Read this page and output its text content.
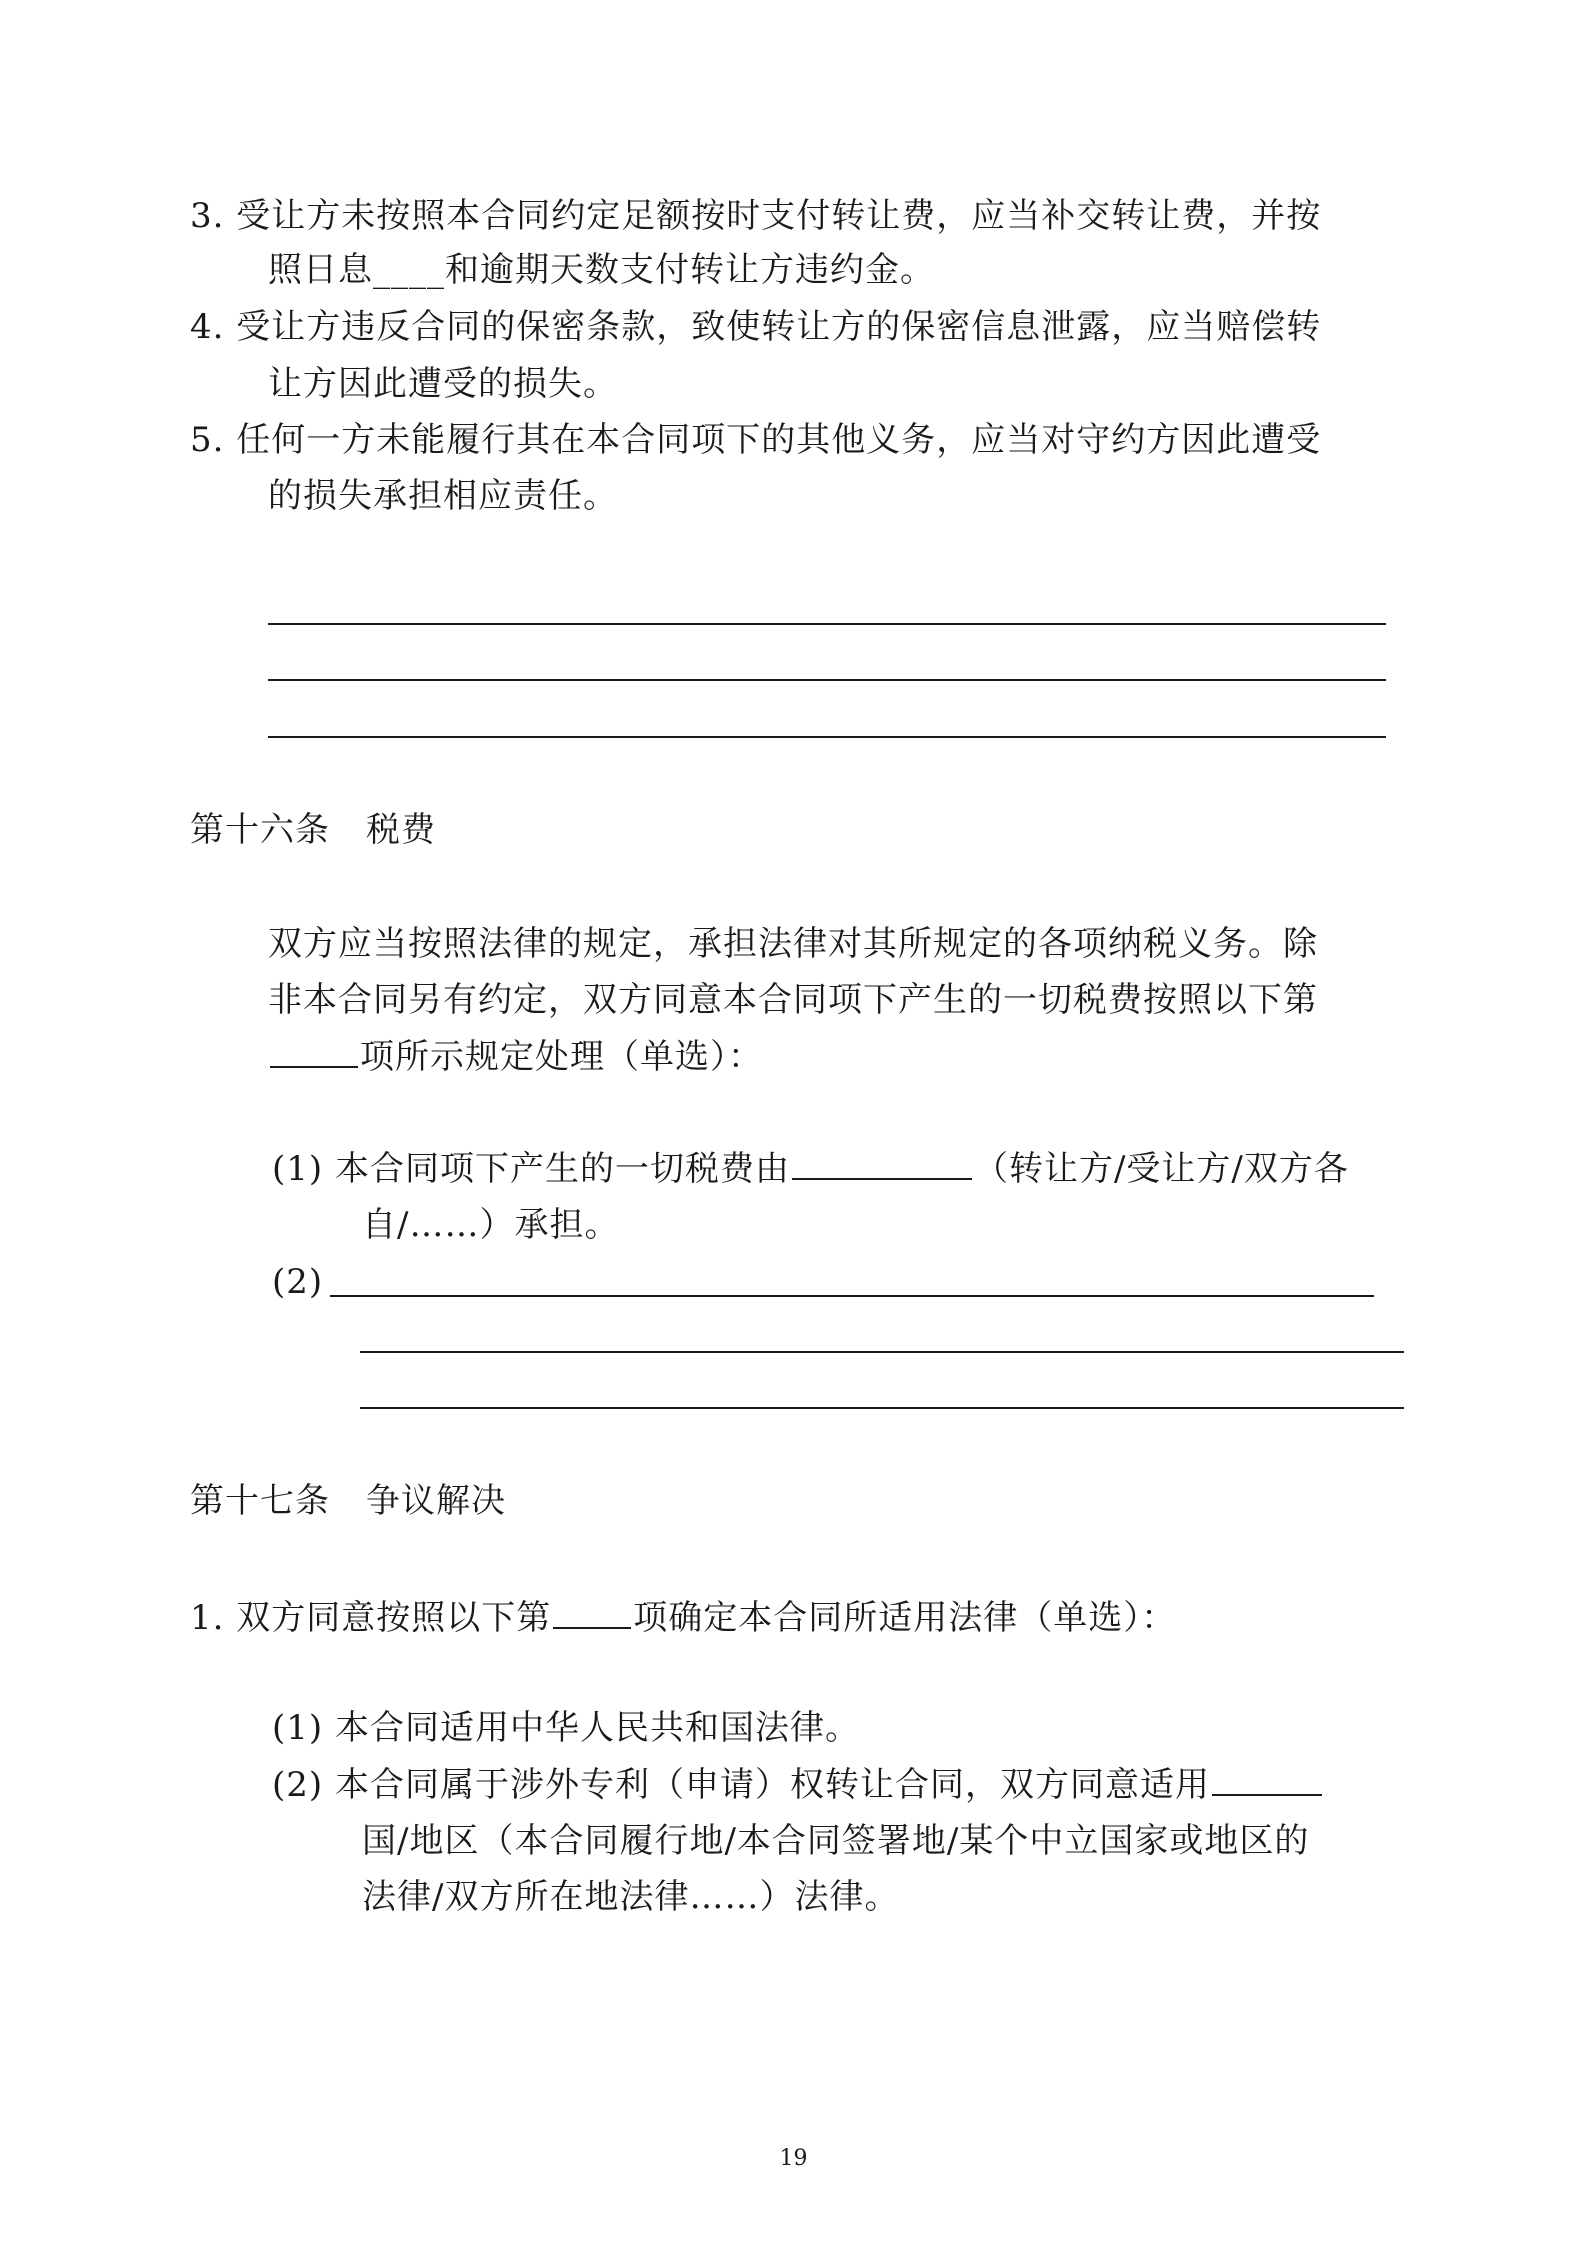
3. 受让方未按照本合同约定足额按时支付转让费，应当补交转让费，并按
照日息____和逾期天数支付转让方违约金。
4. 受让方违反合同的保密条款，致使转让方的保密信息泄露，应当赔偿转
让方因此遭受的损失。
5. 任何一方未能履行其在本合同项下的其他义务，应当对守约方因此遭受
的损失承担相应责任。
第十六条 税费
双方应当按照法律的规定，承担法律对其所规定的各项纳税义务。除
非本合同另有约定，双方同意本合同项下产生的一切税费按照以下第
项所示规定处理（单选）：
(1) 本合同项下产生的一切税费由	（转让方/受让方/双方各
自/……）承担。
(2)
第十七条 争议解决
1. 双方同意按照以下第 项确定本合同所适用法律（单选）：
(1) 本合同适用中华人民共和国法律。
(2) 本合同属于涉外专利（申请）权转让合同，双方同意适用
国/地区（本合同履行地/本合同签署地/某个中立国家或地区的
法律/双方所在地法律……）法律。
19
